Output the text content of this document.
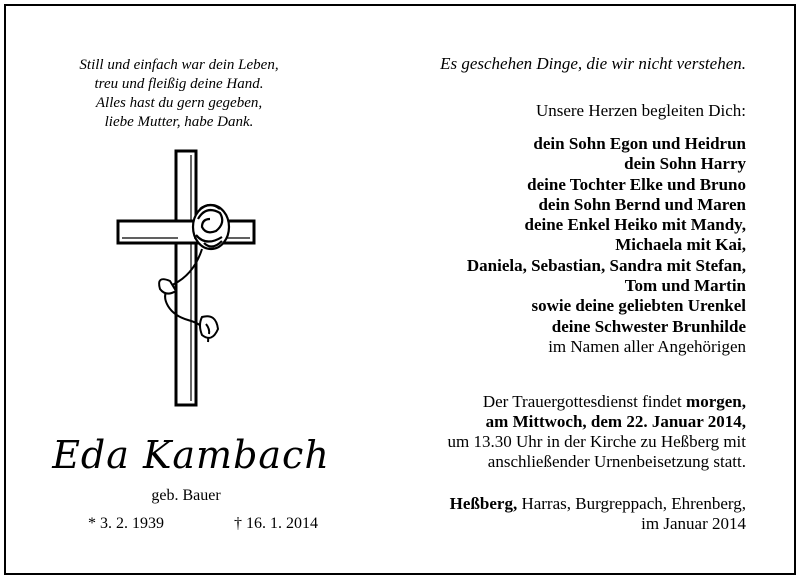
Still und einfach war dein Leben,
treu und fleißig deine Hand.
Alles hast du gern gegeben,
liebe Mutter, habe Dank.
Eda Kambach
geb. Bauer
* 3. 2. 1939	† 16. 1. 2014
Es geschehen Dinge, die wir nicht verstehen.
Unsere Herzen begleiten Dich:
dein Sohn Egon und Heidrun
dein Sohn Harry
deine Tochter Elke und Bruno
dein Sohn Bernd und Maren
deine Enkel Heiko mit Mandy,
Michaela mit Kai,
Daniela, Sebastian, Sandra mit Stefan,
Tom und Martin
sowie deine geliebten Urenkel
deine Schwester Brunhilde
im Namen aller Angehörigen
Der Trauergottesdienst findet morgen,
am Mittwoch, dem 22. Januar 2014,
um 13.30 Uhr in der Kirche zu Heßberg mit
anschließender Urnenbeisetzung statt.
Heßberg, Harras, Burgreppach, Ehrenberg,
im Januar 2014
